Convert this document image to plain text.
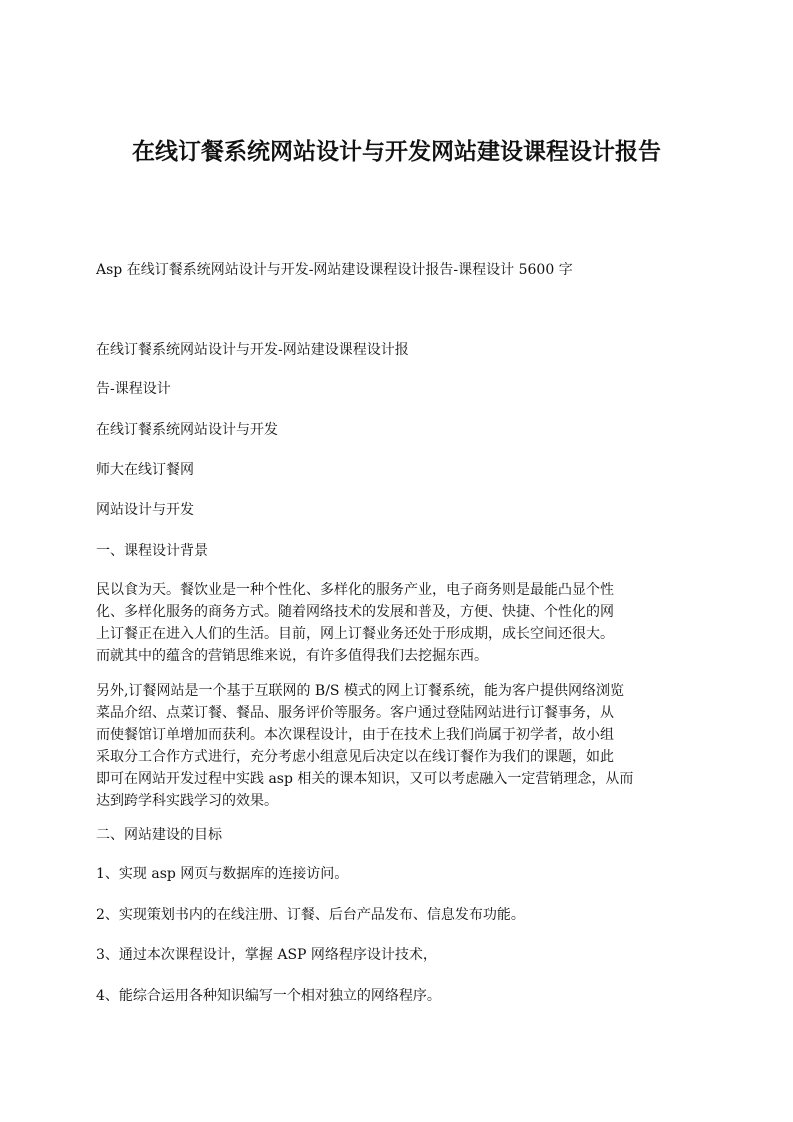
在线订餐系统网站设计与开发网站建设课程设计报告

Asp 在线订餐系统网站设计与开发-网站建设课程设计报告-课程设计 5600 字

在线订餐系统网站设计与开发-网站建设课程设计报

告-课程设计

在线订餐系统网站设计与开发

师大在线订餐网

网站设计与开发

一、课程设计背景

民以食为天。餐饮业是一种个性化、多样化的服务产业，电子商务则是最能凸显个性
化、多样化服务的商务方式。随着网络技术的发展和普及，方便、快捷、个性化的网
上订餐正在进入人们的生活。目前，网上订餐业务还处于形成期，成长空间还很大。
而就其中的蕴含的营销思维来说，有许多值得我们去挖掘东西。
另外,订餐网站是一个基于互联网的 B/S 模式的网上订餐系统，能为客户提供网络浏览
菜品介绍、点菜订餐、餐品、服务评价等服务。客户通过登陆网站进行订餐事务，从
而使餐馆订单增加而获利。本次课程设计，由于在技术上我们尚属于初学者，故小组
采取分工合作方式进行，充分考虑小组意见后决定以在线订餐作为我们的课题，如此
即可在网站开发过程中实践 asp 相关的课本知识，又可以考虑融入一定营销理念，从而
达到跨学科实践学习的效果。

二、网站建设的目标

1、实现 asp 网页与数据库的连接访问。

2、实现策划书内的在线注册、订餐、后台产品发布、信息发布功能。

3、通过本次课程设计，掌握 ASP 网络程序设计技术，

4、能综合运用各种知识编写一个相对独立的网络程序。
